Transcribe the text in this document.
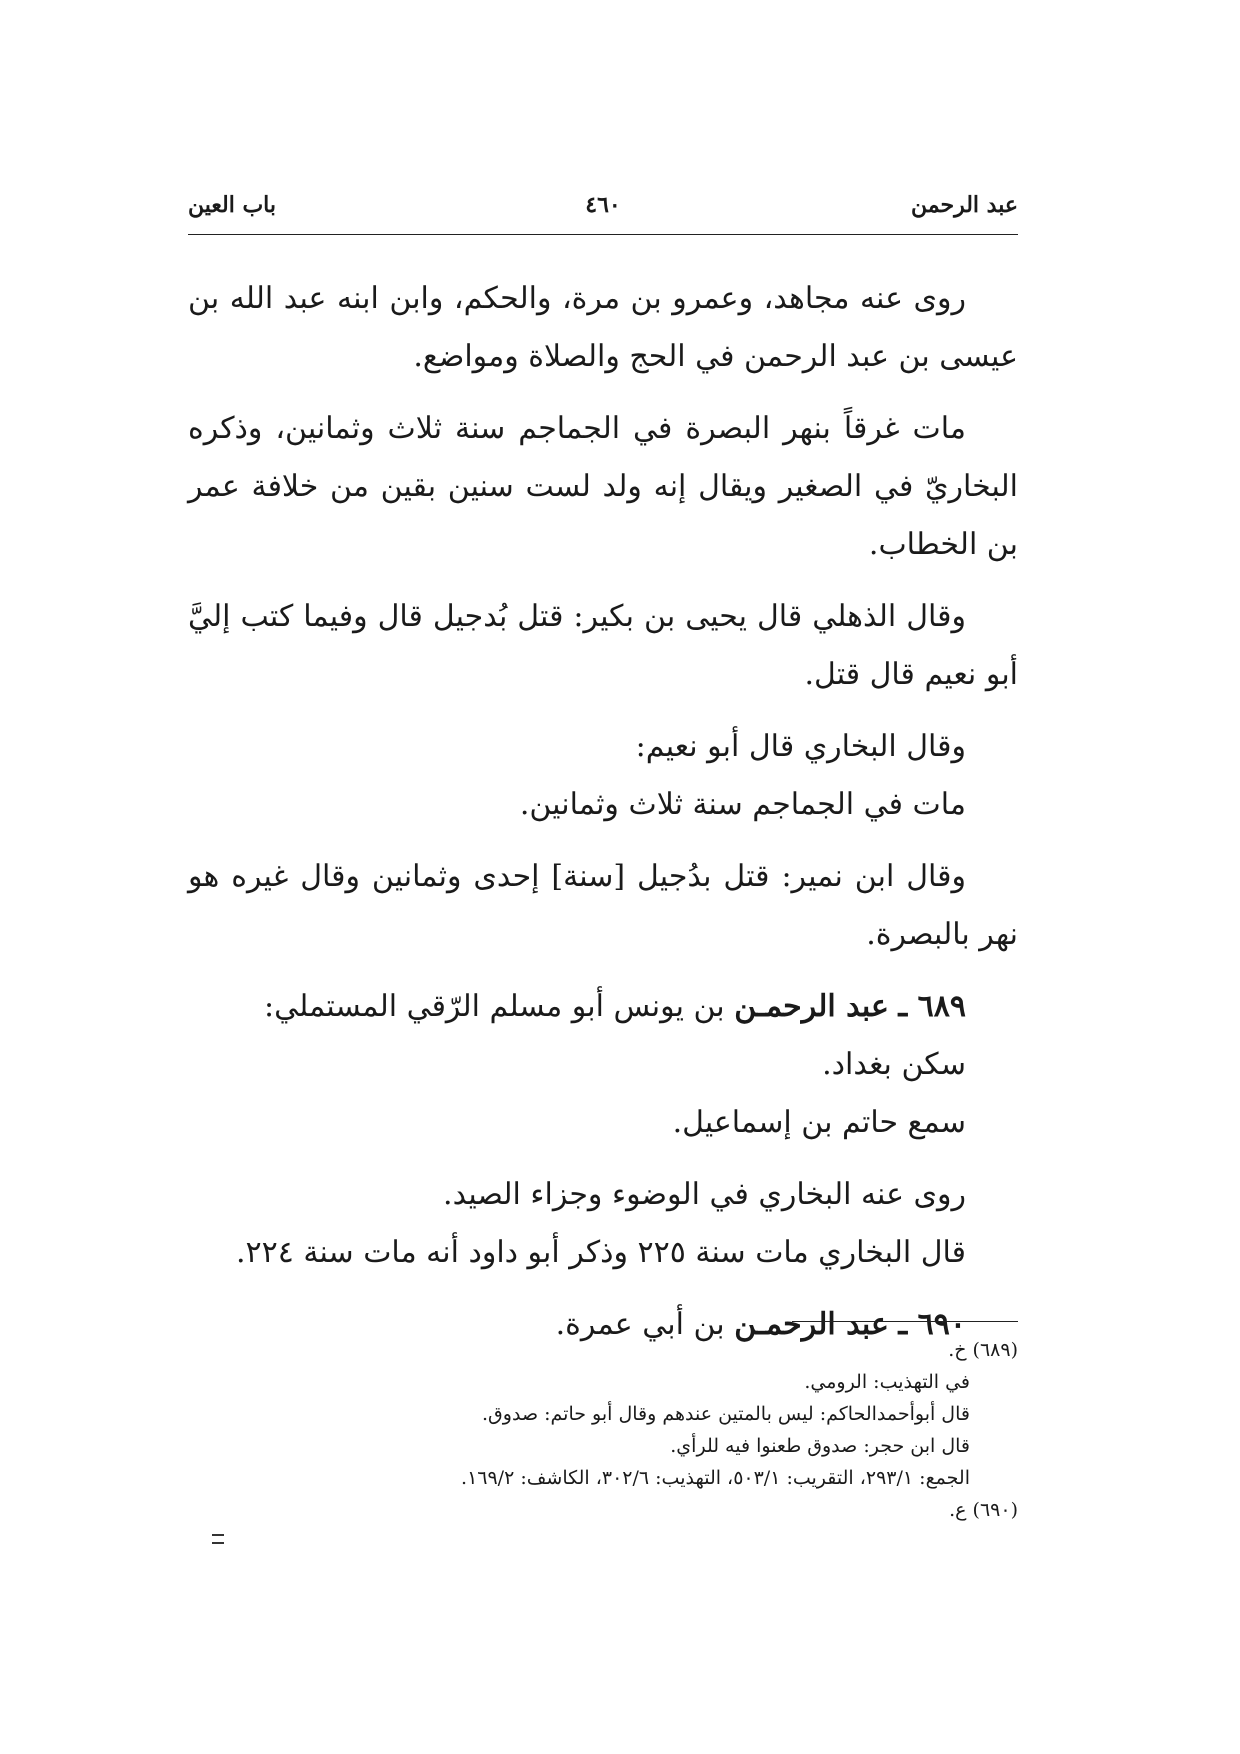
عبد الرحمن
٤٦٠
باب العين

روى عنه مجاهد، وعمرو بن مرة، والحكم، وابن ابنه عبد الله بن عيسى بن عبد الرحمن في الحج والصلاة ومواضع.

مات غرقاً بنهر البصرة في الجماجم سنة ثلاث وثمانين، وذكره البخاريّ في الصغير ويقال إنه ولد لست سنين بقين من خلافة عمر بن الخطاب.

وقال الذهلي قال يحيى بن بكير: قتل بُدجيل قال وفيما كتب إليَّ أبو نعيم قال قتل.

وقال البخاري قال أبو نعيم:

مات في الجماجم سنة ثلاث وثمانين.

وقال ابن نمير: قتل بدُجيل [سنة] إحدى وثمانين وقال غيره هو نهر بالبصرة.

٦٨٩ ـ عبد الرحمـن بن يونس أبو مسلم الرّقي المستملي:

سكن بغداد.

سمع حاتم بن إسماعيل.

روى عنه البخاري في الوضوء وجزاء الصيد.

قال البخاري مات سنة ٢٢٥ وذكر أبو داود أنه مات سنة ٢٢٤.

٦٩٠ ـ عبد الرحمـن بن أبي عمرة.

(٦٨٩) خ.
في التهذيب: الرومي.
قال أبوأحمدالحاكم: ليس بالمتين عندهم وقال أبو حاتم: صدوق.
قال ابن حجر: صدوق طعنوا فيه للرأي.
الجمع: ٢٩٣/١، التقريب: ٥٠٣/١، التهذيب: ٣٠٢/٦، الكاشف: ١٦٩/٢.
(٦٩٠) ع.
